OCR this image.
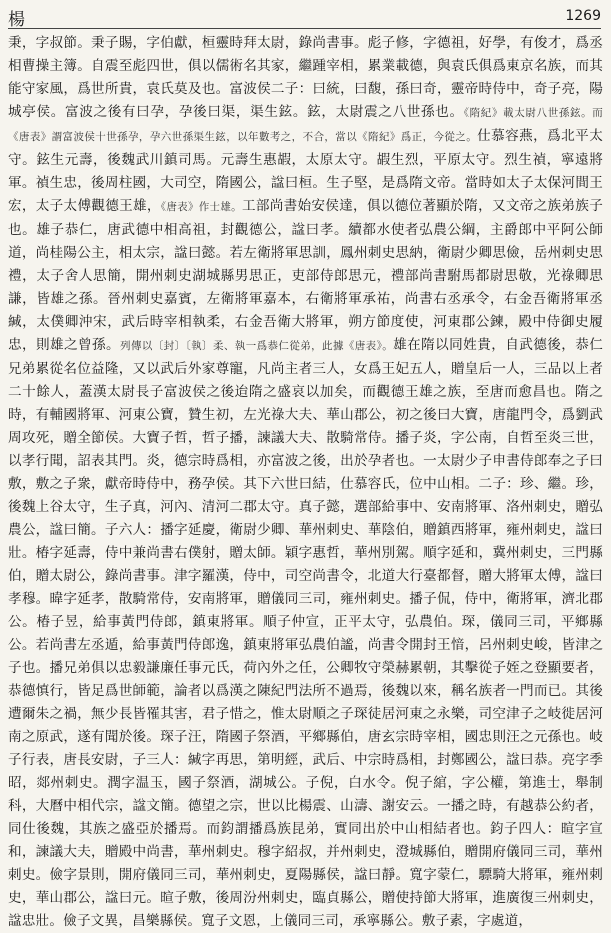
楊	1269

秉，字叔節。秉子賜，字伯獻，桓靈時拜太尉，錄尚書事。彪子修，字德祖，好學，有俊才，爲丞相曹操主簿。自震至彪四世，俱以儒術名其家，繼踵宰相，累業載德，與袁氏俱爲東京名族，而其能守家風，爲世所貴，袁氏莫及也。富波侯二子：曰統，曰馥，孫曰奇，靈帝時侍中，奇子亮，陽城亭侯。富波之後有曰孕，孕後曰渠，渠生鉉。鉉，太尉震之八世孫也。《隋紀》載太尉八世孫鉉。而《唐表》謂富波侯十世孫孕，孕六世孫渠生鉉，以年數考之，不合，當以《隋紀》爲正，今從之。仕慕容燕，爲北平太守。鉉生元壽，後魏武川鎮司馬。元壽生惠嘏，太原太守。嘏生烈，平原太守。烈生禎，寧遠將軍。禎生忠，後周柱國，大司空，隋國公，諡曰桓。生子堅，是爲隋文帝。當時如太子太保河間王宏，太子太傅觀德王雄，《唐表》作士雄。工部尚書始安侯達，俱以德位著顯於隋，又文帝之族弟族子也。雄子恭仁，唐武德中相高祖，封觀德公，諡曰孝。續都水使者弘農公綱，主爵郎中平阿公師道，尚桂陽公主，相太宗，諡曰懿。若左衛將軍思訓，鳳州刺史思納，衛尉少卿思儉，岳州刺史思禮，太子舍人思簡，開州刺史湖城縣男思正，吏部侍郎思元，禮部尚書駙馬都尉思敬，光祿卿思謙，皆雄之孫。晉州刺史嘉賓，左衛將軍嘉本，右衛將軍承祐，尚書右丞承令，右金吾衛將軍丞緘，太僕卿沖宋，武后時宰相執柔，右金吾衛大將軍，朔方節度使，河東郡公鍊，殿中侍御史履忠，則雄之曾孫。列傳以〔封〕〔執〕柔、執一爲恭仁從弟，此據《唐表》。雄在隋以同姓貴，自武德後，恭仁兄弟累從名位益隆，又以武后外家尊寵，凡尚主者三人，女爲王妃五人，贈皇后一人，三品以上者二十餘人，蓋漢太尉長子富波侯之後迨隋之盛哀以加矣，而觀德王雄之族，至唐而愈昌也。隋之時，有輔國將軍、河東公寶，贊生初，左光祿大夫、華山郡公，初之後曰大寶，唐龍門令，爲劉武周攻死，贈全節侯。大寶子哲，哲子播，諫議大夫、散騎常侍。播子炎，字公南，自哲至炎三世，以孝行聞，詔表其門。炎，德宗時爲相，亦富波之後，出於孕者也。一太尉少子申書侍郎奉之子曰敷，敷之子衆，獻帝時侍中，務孕侯。其下六世曰結，仕慕容氏，位中山相。二子：珍、繼。珍，後魏上谷太守，生子真，河內、清河二郡太守。真子懿，選部給事中、安南將軍、洛州刺史，贈弘農公，諡曰簡。子六人：播字延慶，衛尉少卿、華州刺史、華陰伯，贈鎮西將軍，雍州刺史，諡曰壯。椿字延壽，侍中兼尚書右僕射，贈太師。穎字惠哲，華州別駕。順字延和，冀州刺史，三門縣伯，贈太尉公，錄尚書事。津字羅漢，侍中，司空尚書令，北道大行臺都督，贈大將軍太傅，諡曰孝穆。暐字延孝，散騎常侍，安南將軍，贈儀同三司，雍州刺史。播子侃，侍中，衛將軍，濟北郡公。椿子昱，給事黃門侍郎，鎮東將軍。順子仲宣，正平太守，弘農伯。琛，儀同三司，平鄉縣公。若尚書左丞遁，給事黃門侍郎逸，鎮東將軍弘農伯謐，尚書令開封王愔，呂州刺史峻，皆津之子也。播兄弟俱以忠毅謙廉任事元氏，荷內外之任，公卿牧守榮赫累朝，其擊從子姪之登顯要者，恭德慎行，皆足爲世師範，論者以爲漢之陳紀門法所不過焉，後魏以來，稱名族者一門而已。其後遭爾朱之禍，無少長皆罹其害，君子惜之，惟太尉順之子琛徒居河東之永樂，司空津子之岐徙居河南之原武，遂有聞於後。琛子汪，隋國子祭酒，平鄉縣伯，唐玄宗時宰相，國忠則汪之元孫也。岐子行表，唐長安尉，子三人：緘字再思，第明經，武后、中宗時爲相，封鄭國公，諡曰恭。亮字季昭，郯州刺史。潤字温玉，國子祭酒，湖城公。子倪，白水令。倪子綰，字公權，第進士，舉制科，大曆中相代宗，諡文簡。德望之宗，世以比楊震、山濤、謝安云。一播之時，有越恭公約者，同仕後魏，其族之盛亞於播焉。而鈞謂播爲族昆弟，實同出於中山相結者也。鈞子四人：暄字宣和，諫議大夫，贈殿中尚書，華州刺史。穆字紹叔，并州刺史，澄城縣伯，贈開府儀同三司，華州刺史。儉字景則，開府儀同三司，華州刺史，夏陽縣侯，諡曰靜。寬字蒙仁，驃騎大將軍，雍州刺史，華山郡公，諡曰元。暄子敷，後周汾州刺史，臨貞縣公，贈使持節大將軍，進廣復三州刺史，諡忠壯。儉子文異，昌樂縣侯。寬子文恩，上儀同三司，承寧縣公。敷子素，字處道，
